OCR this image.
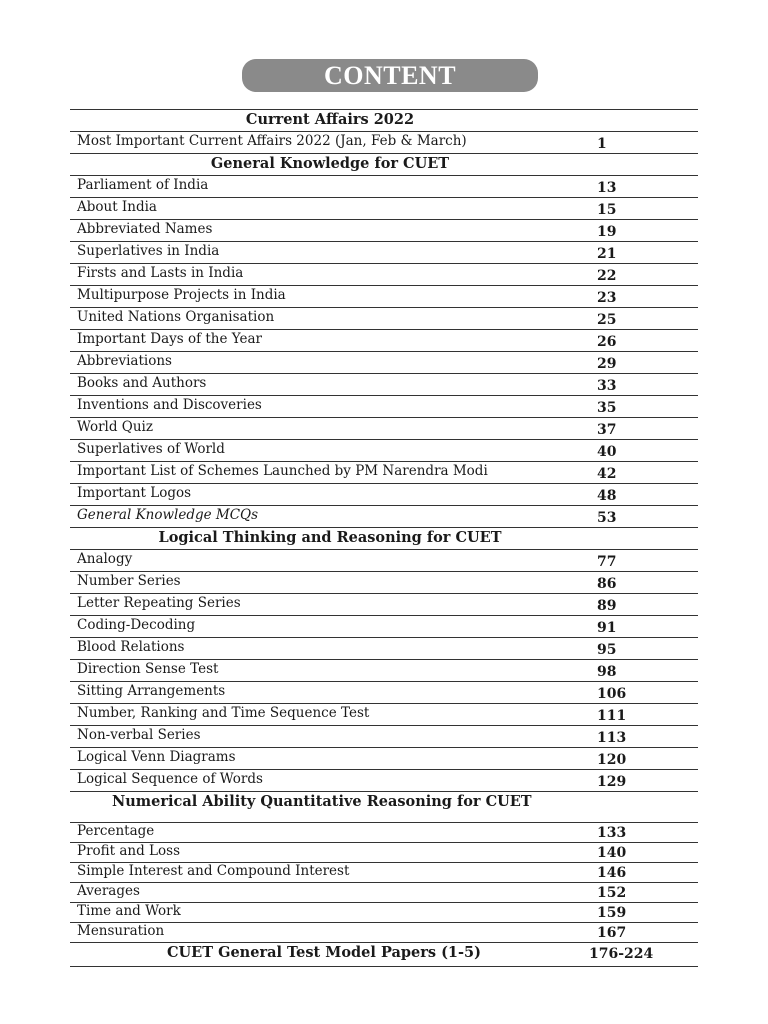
CONTENT
Current Affairs 2022
Most Important Current Affairs 2022 (Jan, Feb & March)	1
General Knowledge for CUET
Parliament of India	13
About India	15
Abbreviated Names	19
Superlatives in India	21
Firsts and Lasts in India	22
Multipurpose Projects in India	23
United Nations Organisation	25
Important Days of the Year	26
Abbreviations	29
Books and Authors	33
Inventions and Discoveries	35
World Quiz	37
Superlatives of World	40
Important List of Schemes Launched by PM Narendra Modi	42
Important Logos	48
General Knowledge MCQs	53
Logical Thinking and Reasoning for CUET
Analogy	77
Number Series	86
Letter Repeating Series	89
Coding-Decoding	91
Blood Relations	95
Direction Sense Test	98
Sitting Arrangements	106
Number, Ranking and Time Sequence Test	111
Non-verbal Series	113
Logical Venn Diagrams	120
Logical Sequence of Words	129
Numerical Ability Quantitative Reasoning for CUET
Percentage	133
Profit and Loss	140
Simple Interest and Compound Interest	146
Averages	152
Time and Work	159
Mensuration	167
CUET General Test Model Papers (1-5)	176-224
